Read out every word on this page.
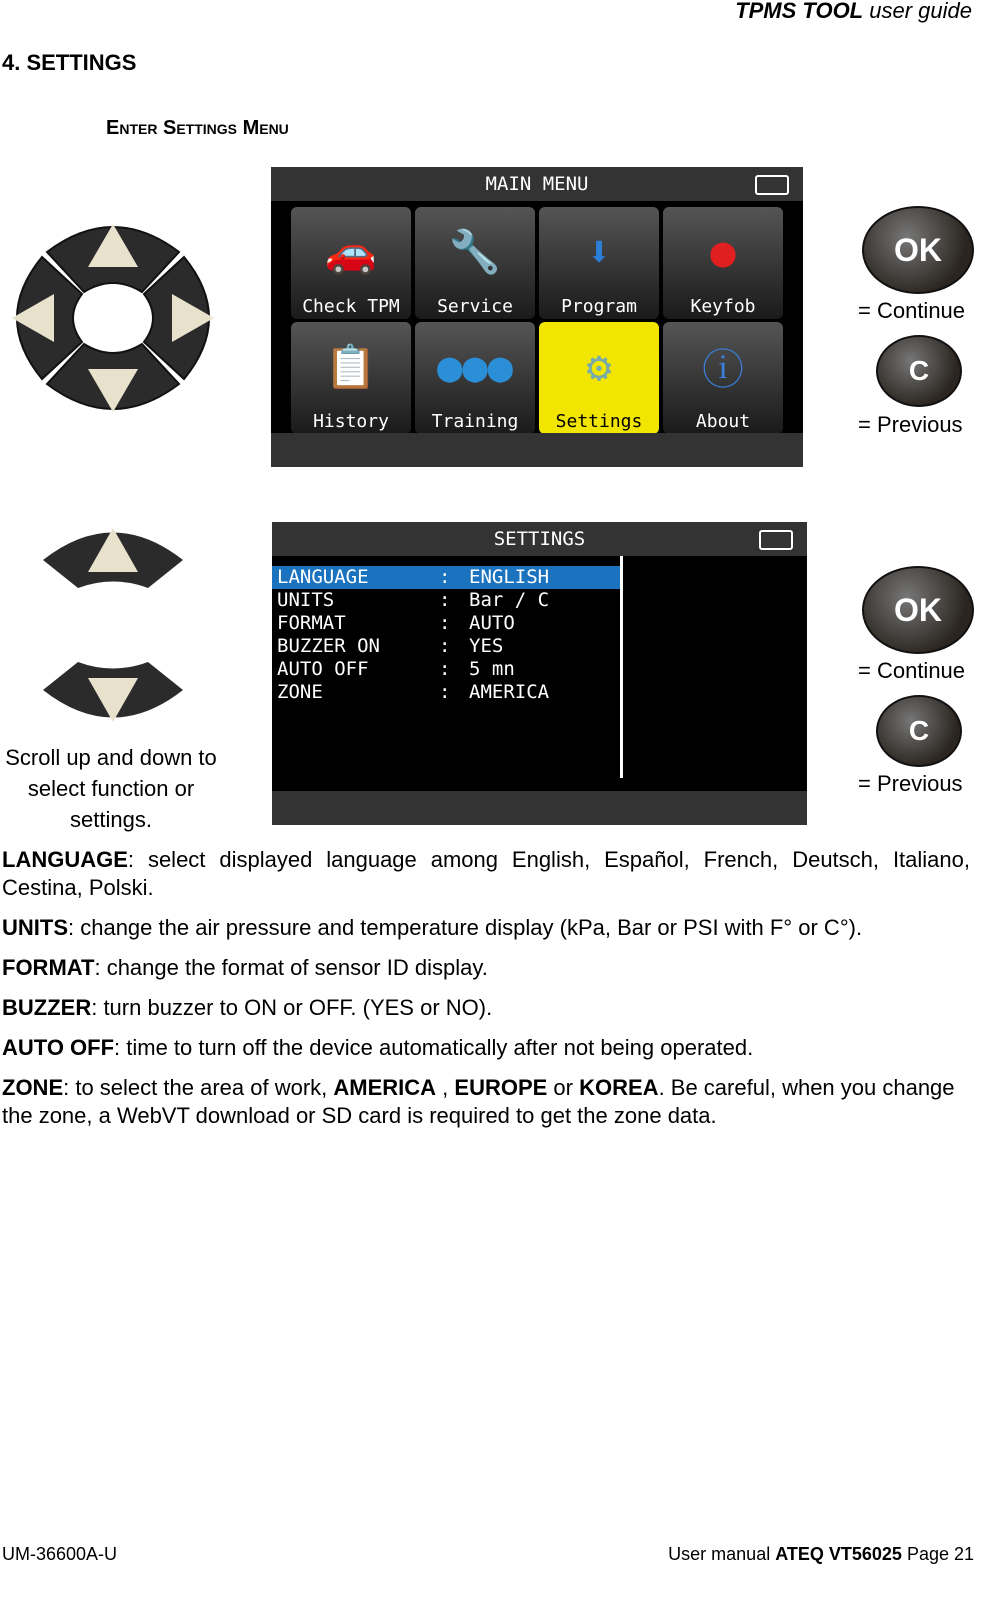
TPMS TOOL user guide
4. SETTINGS
Enter Settings Menu
MAIN MENU
🚗
Check TPM
🔧
Service
⬇
Program
●
Keyfob
📋
History
●●●
Training
⚙
Settings
ⓘ
About
OK
= Continue
C
= Previous
Scroll up and down to select function or settings.
SETTINGS
LANGUAGE	: ENGLISH
UNITS	: Bar / C
FORMAT	: AUTO
BUZZER ON	: YES
AUTO OFF	: 5 mn
ZONE	: AMERICA
OK
= Continue
C
= Previous
LANGUAGE: select displayed language among English, Español, French, Deutsch, Italiano, Cestina, Polski.
UNITS: change the air pressure and temperature display (kPa, Bar or PSI with F° or C°).
FORMAT: change the format of sensor ID display.
BUZZER: turn buzzer to ON or OFF. (YES or NO).
AUTO OFF: time to turn off the device automatically after not being operated.
ZONE: to select the area of work, AMERICA , EUROPE or KOREA. Be careful, when you change the zone, a WebVT download or SD card is required to get the zone data.
UM-36600A-U	User manual ATEQ VT56025 Page 21
